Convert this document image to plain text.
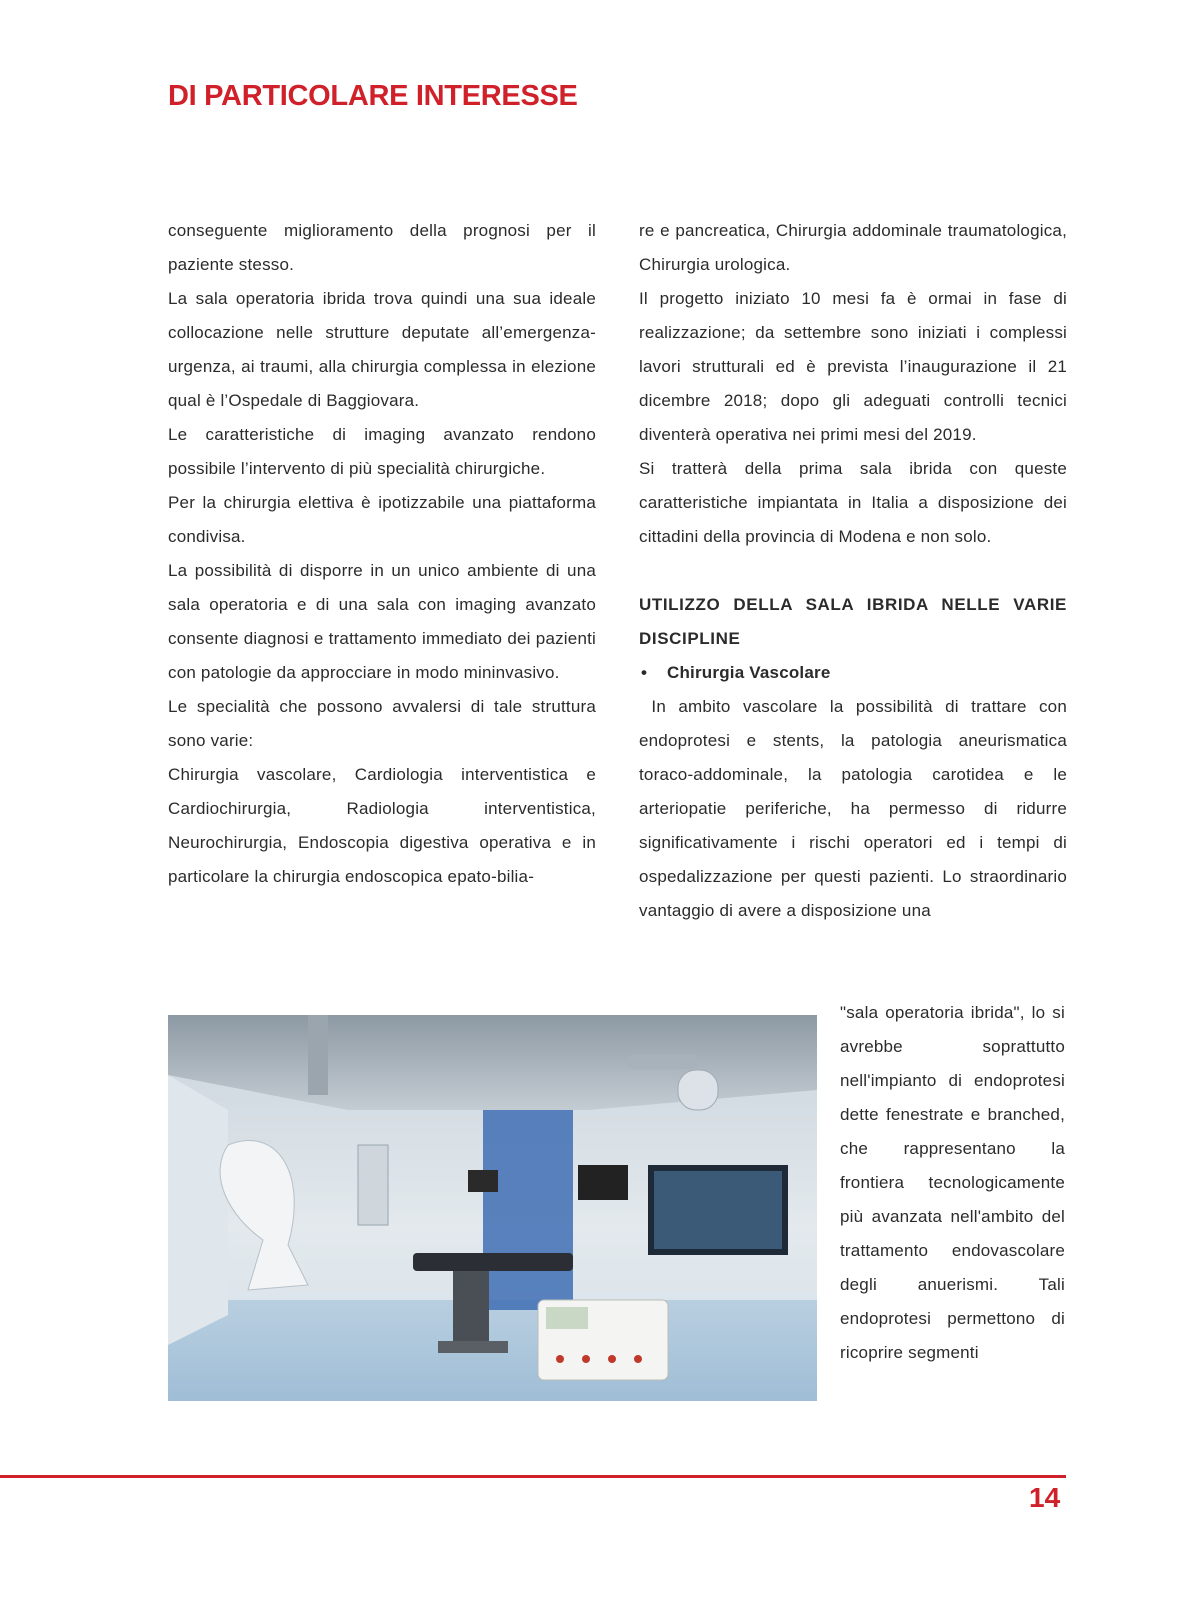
DI PARTICOLARE INTERESSE

conseguente miglioramento della prognosi per il paziente stesso.

La sala operatoria ibrida trova quindi una sua ideale collocazione nelle strutture deputate all’emergenza- urgenza, ai traumi, alla chirurgia complessa in elezione qual è l’Ospedale di Baggiovara.

Le caratteristiche di imaging avanzato rendono possibile l’intervento di più specialità chirurgiche.

Per la chirurgia elettiva è ipotizzabile una piattaforma condivisa.

La possibilità di disporre in un unico ambiente di una sala operatoria e di una sala con imaging avanzato consente diagnosi e trattamento immediato dei pazienti con patologie da approcciare in modo mininvasivo.

Le specialità che possono avvalersi di tale struttura sono varie:

Chirurgia vascolare, Cardiologia interventistica e Cardiochirurgia, Radiologia interventistica, Neurochirurgia, Endoscopia digestiva operativa e in particolare la chirurgia endoscopica epato-bilia-

re e pancreatica, Chirurgia addominale traumatologica, Chirurgia urologica.

Il progetto iniziato 10 mesi fa è ormai in fase di realizzazione; da settembre sono iniziati i complessi lavori strutturali ed è prevista l’inaugurazione il 21 dicembre 2018; dopo gli adeguati controlli tecnici diventerà operativa nei primi mesi del 2019.

Si tratterà della prima sala ibrida con queste caratteristiche impiantata in Italia a disposizione dei cittadini della provincia di Modena e non solo.

UTILIZZO DELLA SALA IBRIDA NELLE VARIE DISCIPLINE

• Chirurgia Vascolare

In ambito vascolare la possibilità di trattare con endoprotesi e stents, la patologia aneurismatica toraco-addominale, la patologia carotidea e le arteriopatie periferiche, ha permesso di ridurre significativamente i rischi operatori ed i tempi di ospedalizzazione per questi pazienti. Lo straordinario vantaggio di avere a disposizione una

"sala operatoria ibrida", lo si avrebbe soprattutto nell'impianto di endoprotesi dette fenestrate e branched, che rappresentano la frontiera tecnologicamente più avanzata nell'ambito del trattamento endovascolare degli anuerismi. Tali endoprotesi permettono di ricoprire segmenti

14
